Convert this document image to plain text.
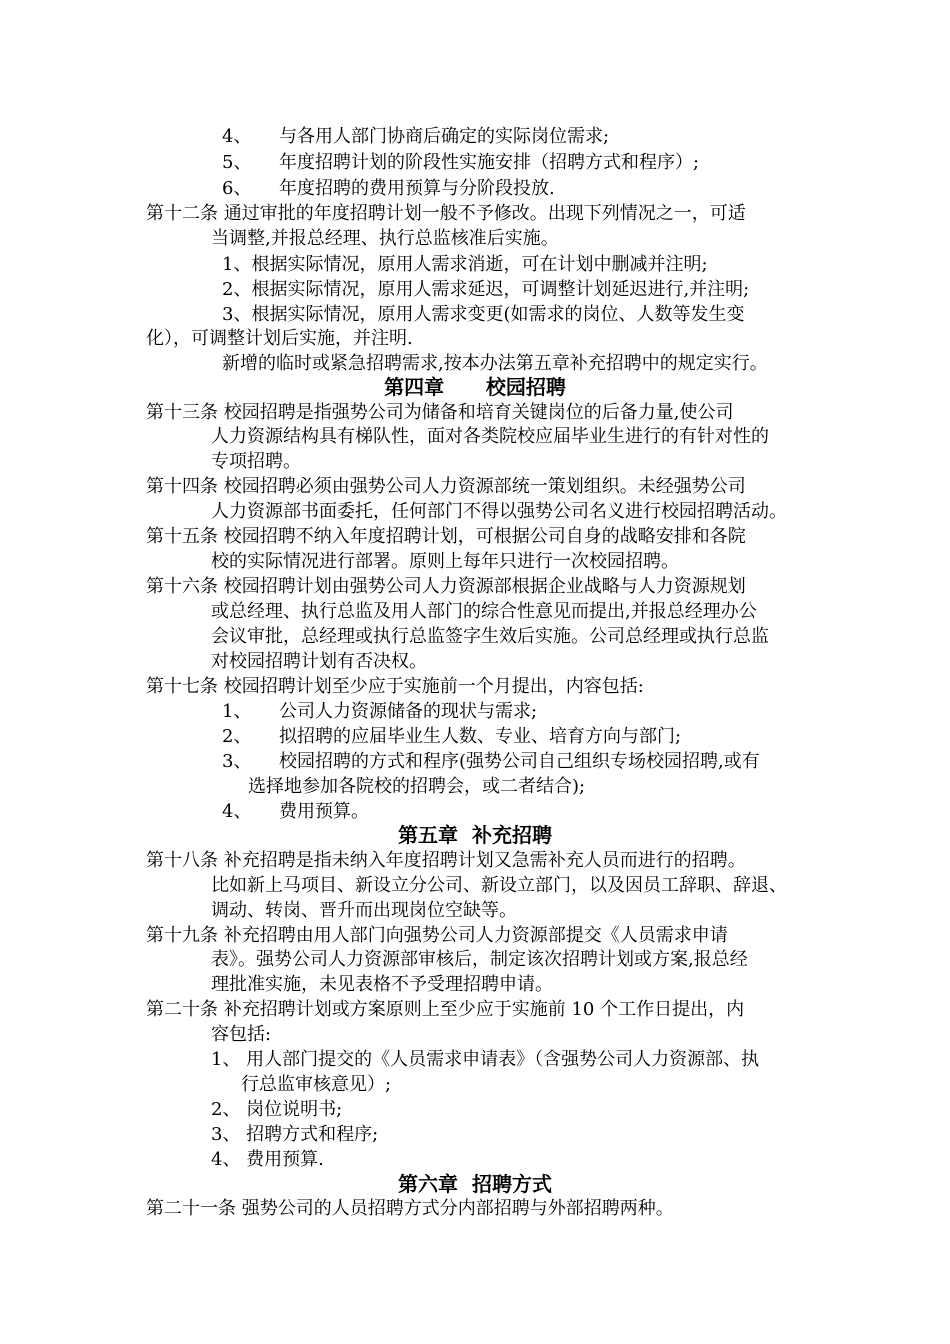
4、 与各用人部门协商后确定的实际岗位需求;
5、 年度招聘计划的阶段性实施安排（招聘方式和程序）;
6、 年度招聘的费用预算与分阶段投放.
第十二条 通过审批的年度招聘计划一般不予修改。出现下列情况之一，可适
当调整,并报总经理、执行总监核准后实施。
1、根据实际情况，原用人需求消逝，可在计划中删减并注明;
2、根据实际情况，原用人需求延迟，可调整计划延迟进行,并注明;
3、根据实际情况，原用人需求变更(如需求的岗位、人数等发生变
化），可调整计划后实施，并注明.
新增的临时或紧急招聘需求,按本办法第五章补充招聘中的规定实行。
第四章      校园招聘
第十三条 校园招聘是指强势公司为储备和培育关键岗位的后备力量,使公司
人力资源结构具有梯队性，面对各类院校应届毕业生进行的有针对性的
专项招聘。
第十四条 校园招聘必须由强势公司人力资源部统一策划组织。未经强势公司
人力资源部书面委托，任何部门不得以强势公司名义进行校园招聘活动。
第十五条 校园招聘不纳入年度招聘计划，可根据公司自身的战略安排和各院
校的实际情况进行部署。原则上每年只进行一次校园招聘。
第十六条 校园招聘计划由强势公司人力资源部根据企业战略与人力资源规划
或总经理、执行总监及用人部门的综合性意见而提出,并报总经理办公
会议审批，总经理或执行总监签字生效后实施。公司总经理或执行总监
对校园招聘计划有否决权。
第十七条 校园招聘计划至少应于实施前一个月提出，内容包括:
1、 公司人力资源储备的现状与需求;
2、 拟招聘的应届毕业生人数、专业、培育方向与部门;
3、 校园招聘的方式和程序(强势公司自己组织专场校园招聘,或有
选择地参加各院校的招聘会，或二者结合);
4、 费用预算。
第五章  补充招聘
第十八条 补充招聘是指未纳入年度招聘计划又急需补充人员而进行的招聘。
比如新上马项目、新设立分公司、新设立部门，以及因员工辞职、辞退、
调动、转岗、晋升而出现岗位空缺等。
第十九条 补充招聘由用人部门向强势公司人力资源部提交《人员需求申请
表》。强势公司人力资源部审核后，制定该次招聘计划或方案,报总经
理批准实施，未见表格不予受理招聘申请。
第二十条 补充招聘计划或方案原则上至少应于实施前 10 个工作日提出，内
容包括:
1、 用人部门提交的《人员需求申请表》（含强势公司人力资源部、执
行总监审核意见）;
2、 岗位说明书;
3、 招聘方式和程序;
4、 费用预算.
第六章  招聘方式
第二十一条 强势公司的人员招聘方式分内部招聘与外部招聘两种。
